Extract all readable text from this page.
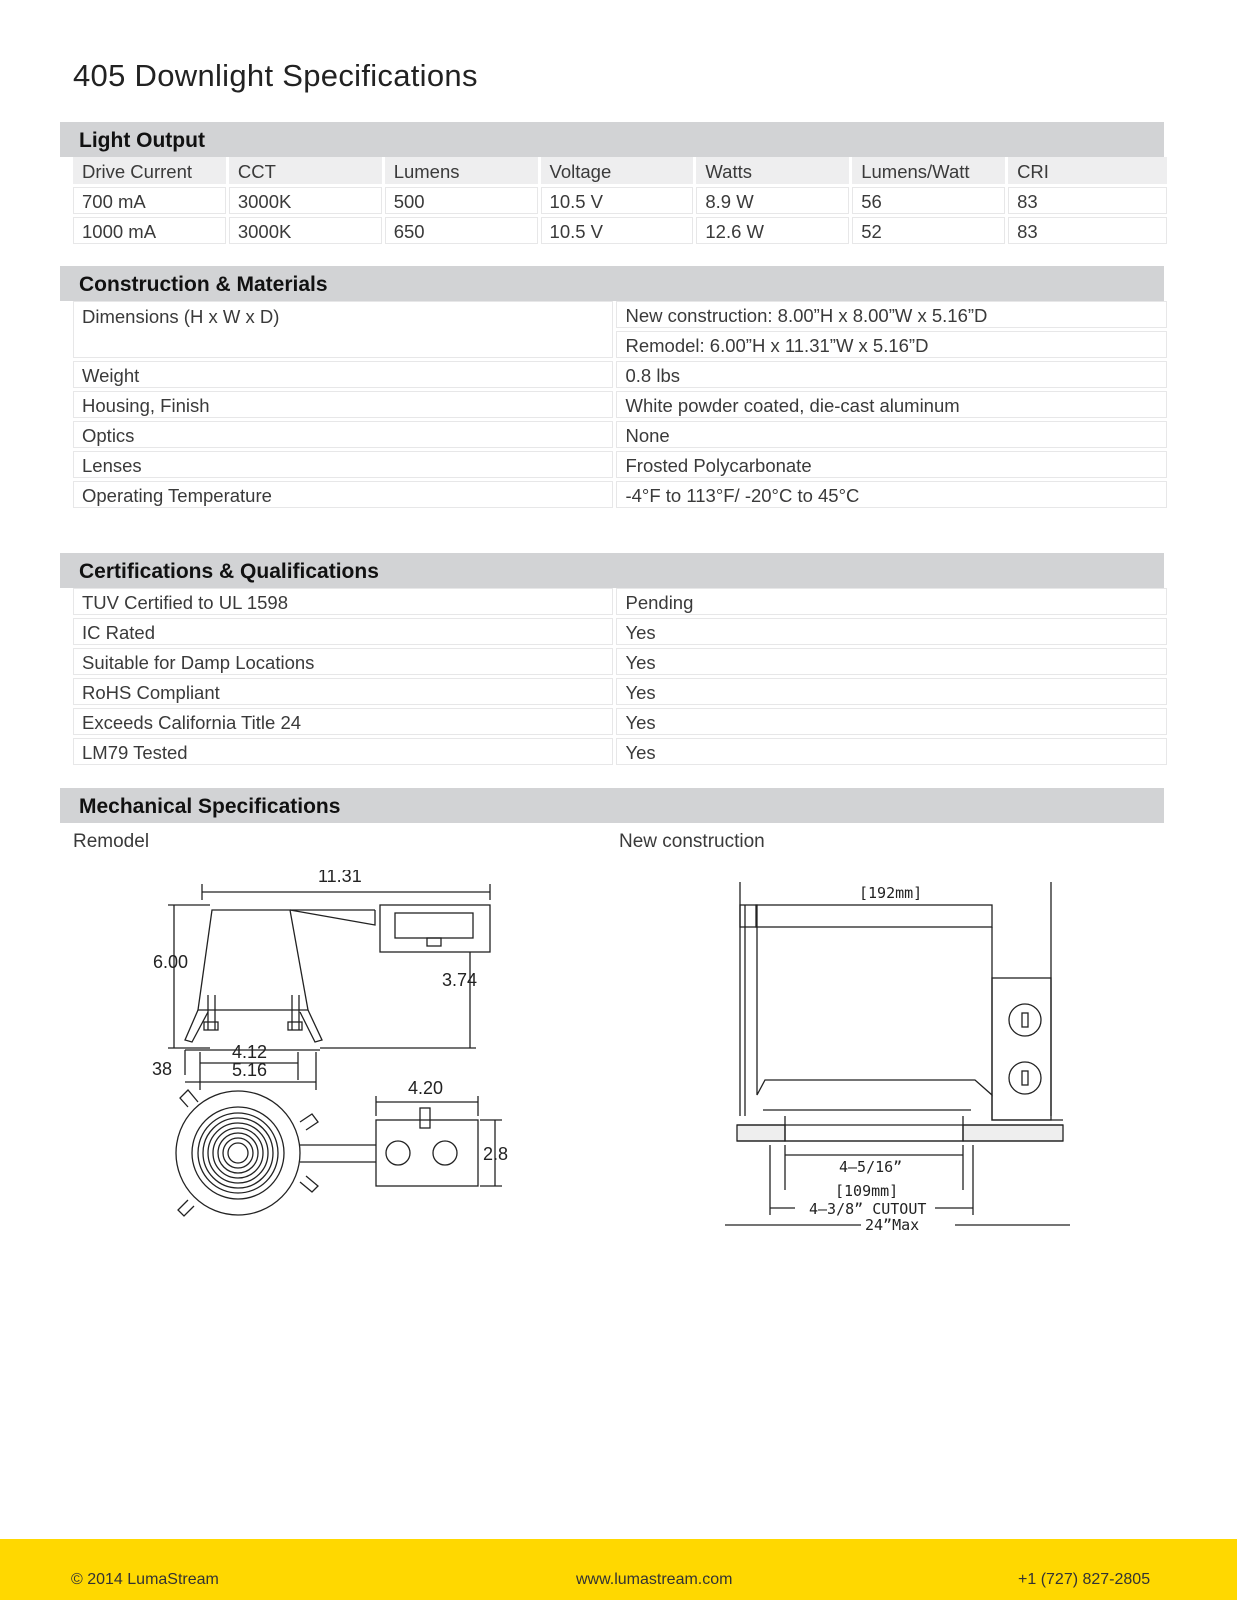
405 Downlight Specifications
Light Output
Drive Current	CCT	Lumens	Voltage	Watts	Lumens/Watt	CRI
700 mA	3000K	500	10.5 V	8.9 W	56	83
1000 mA	3000K	650	10.5 V	12.6 W	52	83
Construction & Materials
Dimensions (H x W x D)	New construction: 8.00”H x 8.00”W x 5.16”D
	Remodel: 6.00”H x 11.31”W x 5.16”D
Weight	0.8 lbs
Housing, Finish	White powder coated, die-cast aluminum
Optics	None
Lenses	Frosted Polycarbonate
Operating Temperature	-4°F to 113°F/ -20°C to 45°C
Certifications & Qualifications
TUV Certified to UL 1598	Pending
IC Rated	Yes
Suitable for Damp Locations	Yes
RoHS Compliant	Yes
Exceeds California Title 24	Yes
LM79 Tested	Yes
Mechanical Specifications
Remodel	New construction
11.31
6.00
3.74
38
4.12
5.16
4.20
2.8
[192mm]
4–5/16”
[109mm]
4–3/8” CUTOUT
24”Max
© 2014 LumaStream	www.lumastream.com	+1 (727) 827-2805
